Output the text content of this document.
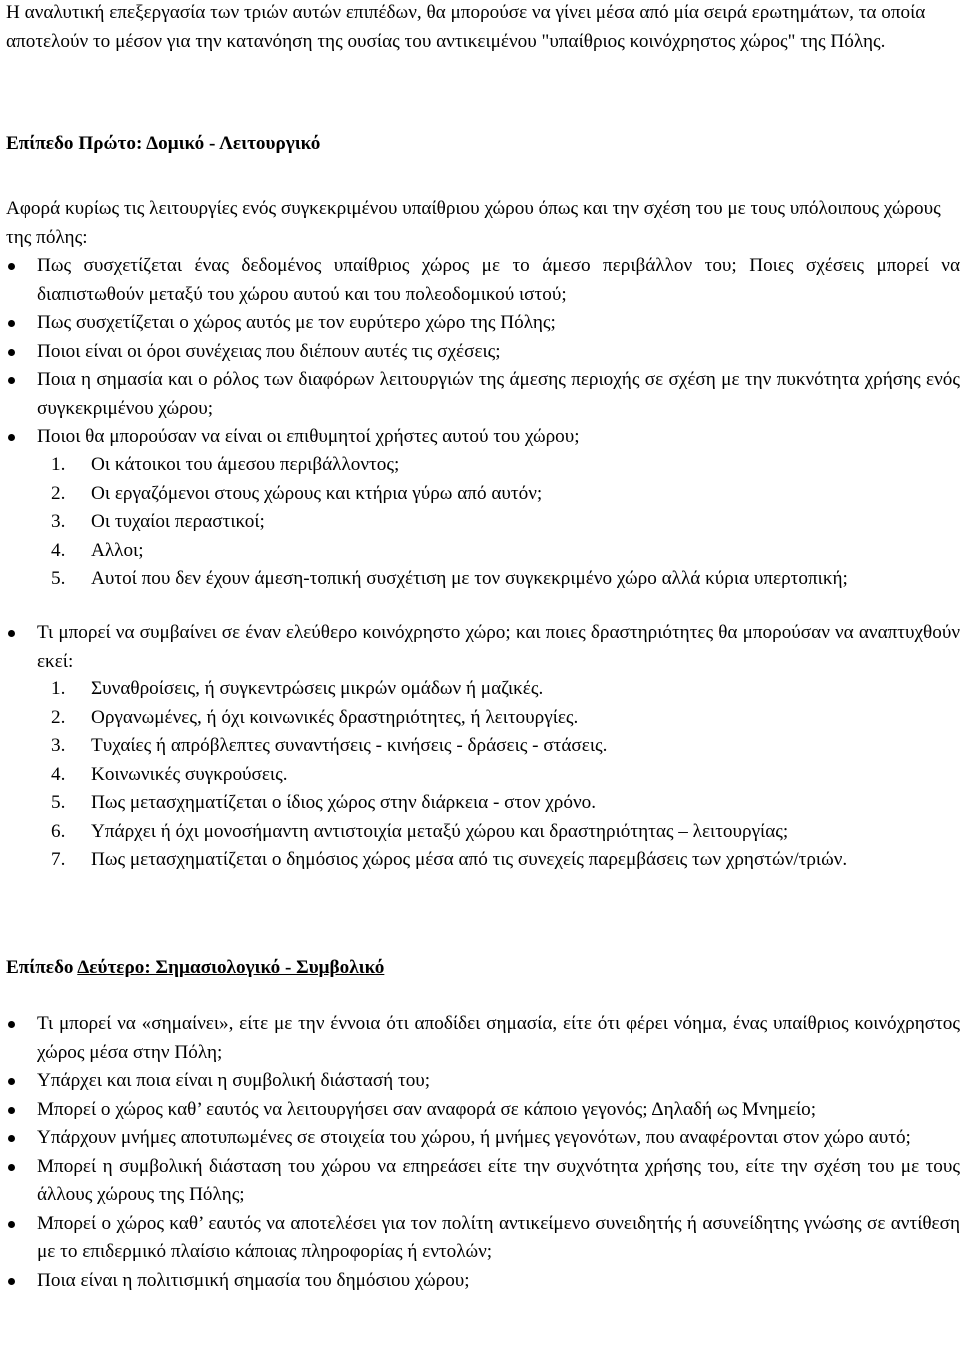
Η αναλυτική επεξεργασία των τριών αυτών επιπέδων, θα μπορούσε να γίνει μέσα από μία σειρά ερωτημάτων, τα οποία αποτελούν το μέσον για την κατανόηση της ουσίας του αντικειμένου "υπαίθριος κοινόχρηστος χώρος" της Πόλης.

Επίπεδο Πρώτο: Δομικό - Λειτουργικό

Αφορά κυρίως τις λειτουργίες ενός συγκεκριμένου υπαίθριου χώρου όπως και την σχέση του με τους υπόλοιπους χώρους της πόλης:

Πως συσχετίζεται ένας δεδομένος υπαίθριος χώρος με το άμεσο περιβάλλον του; Ποιες σχέσεις μπορεί να διαπιστωθούν μεταξύ του χώρου αυτού και του πολεοδομικού ιστού;
Πως συσχετίζεται ο χώρος αυτός με τον ευρύτερο χώρο της Πόλης;
Ποιοι είναι οι όροι συνέχειας που διέπουν αυτές τις σχέσεις;
Ποια η σημασία και ο ρόλος των διαφόρων λειτουργιών της άμεσης περιοχής σε σχέση με την πυκνότητα χρήσης ενός συγκεκριμένου χώρου;
Ποιοι θα μπορούσαν να είναι οι επιθυμητοί χρήστες αυτού του χώρου;
1. Οι κάτοικοι του άμεσου περιβάλλοντος;
2. Οι εργαζόμενοι στους χώρους και κτήρια γύρω από αυτόν;
3. Οι τυχαίοι περαστικοί;
4. Αλλοι;
5. Αυτοί που δεν έχουν άμεση-τοπική συσχέτιση με τον συγκεκριμένο χώρο αλλά κύρια υπερτοπική;
Τι μπορεί να συμβαίνει σε έναν ελεύθερο κοινόχρηστο χώρο; και ποιες δραστηριότητες θα μπορούσαν να αναπτυχθούν εκεί:
1. Συναθροίσεις, ή συγκεντρώσεις μικρών ομάδων ή μαζικές.
2. Οργανωμένες, ή όχι κοινωνικές δραστηριότητες, ή λειτουργίες.
3. Τυχαίες ή απρόβλεπτες συναντήσεις - κινήσεις - δράσεις - στάσεις.
4. Κοινωνικές συγκρούσεις.
5. Πως μετασχηματίζεται ο ίδιος χώρος στην διάρκεια - στον χρόνο.
6. Υπάρχει ή όχι μονοσήμαντη αντιστοιχία μεταξύ χώρου και δραστηριότητας – λειτουργίας;
7. Πως μετασχηματίζεται ο δημόσιος χώρος μέσα από τις συνεχείς παρεμβάσεις των χρηστών/τριών.
Επίπεδο Δεύτερο: Σημασιολογικό - Συμβολικό
Τι μπορεί να «σημαίνει», είτε με την έννοια ότι αποδίδει σημασία, είτε ότι φέρει νόημα, ένας υπαίθριος κοινόχρηστος χώρος μέσα στην Πόλη;
Υπάρχει και ποια είναι η συμβολική διάστασή του;
Μπορεί ο χώρος καθ’ εαυτός να λειτουργήσει σαν αναφορά σε κάποιο γεγονός; Δηλαδή ως Μνημείο;
Υπάρχουν μνήμες αποτυπωμένες σε στοιχεία του χώρου, ή μνήμες γεγονότων, που αναφέρονται στον χώρο αυτό;
Μπορεί η συμβολική διάσταση του χώρου να επηρεάσει είτε την συχνότητα χρήσης του, είτε την σχέση του με τους άλλους χώρους της Πόλης;
Μπορεί ο χώρος καθ’ εαυτός να αποτελέσει για τον πολίτη αντικείμενο συνειδητής ή ασυνείδητης γνώσης σε αντίθεση με το επιδερμικό πλαίσιο κάποιας πληροφορίας ή εντολών;
Ποια είναι η πολιτισμική σημασία του δημόσιου χώρου;
